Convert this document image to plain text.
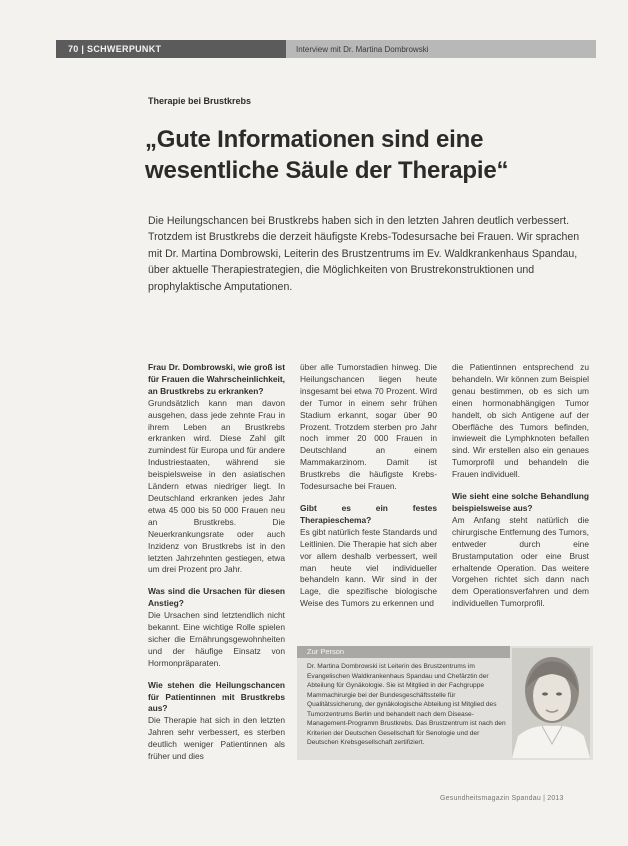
70 | SCHWERPUNKT	Interview mit Dr. Martina Dombrowski
Therapie bei Brustkrebs
„Gute Informationen sind eine wesentliche Säule der Therapie“
Die Heilungschancen bei Brustkrebs haben sich in den letzten Jahren deutlich verbessert. Trotzdem ist Brustkrebs die derzeit häufigste Krebs-Todesursache bei Frauen. Wir sprachen mit Dr. Martina Dombrowski, Leiterin des Brustzentrums im Ev. Waldkrankenhaus Spandau, über aktuelle Therapiestrategien, die Möglichkeiten von Brustrekonstruktionen und prophylaktische Amputationen.

Frau Dr. Dombrowski, wie groß ist für Frauen die Wahrscheinlichkeit, an Brustkrebs zu erkranken?

Grundsätzlich kann man davon ausgehen, dass jede zehnte Frau in ihrem Leben an Brustkrebs erkranken wird. Diese Zahl gilt zumindest für Europa und für andere Industriestaaten, während sie beispielsweise in den asiatischen Ländern etwas niedriger liegt. In Deutschland erkranken jedes Jahr etwa 45 000 bis 50 000 Frauen neu an Brustkrebs. Die Neuerkrankungsrate oder auch Inzidenz von Brustkrebs ist in den letzten Jahrzehnten gestiegen, etwa um drei Prozent pro Jahr.

Was sind die Ursachen für diesen Anstieg?

Die Ursachen sind letztendlich nicht bekannt. Eine wichtige Rolle spielen sicher die Ernährungsgewohnheiten und der häufige Einsatz von Hormonpräparaten.

Wie stehen die Heilungschancen für Patientinnen mit Brustkrebs aus?

Die Therapie hat sich in den letzten Jahren sehr verbessert, es sterben deutlich weniger Patientinnen als früher und dies

über alle Tumorstadien hinweg. Die Heilungschancen liegen heute insgesamt bei etwa 70 Prozent. Wird der Tumor in einem sehr frühen Stadium erkannt, sogar über 90 Prozent. Trotzdem sterben pro Jahr noch immer 20 000 Frauen in Deutschland an einem Mammakarzinom. Damit ist Brustkrebs die häufigste Krebs-Todesursache bei Frauen.

Gibt es ein festes Therapieschema?

Es gibt natürlich feste Standards und Leitlinien. Die Therapie hat sich aber vor allem deshalb verbessert, weil man heute viel individueller behandeln kann. Wir sind in der Lage, die spezifische biologische Weise des Tumors zu erkennen und

die Patientinnen entsprechend zu behandeln. Wir können zum Beispiel genau bestimmen, ob es sich um einen hormonabhängigen Tumor handelt, ob sich Antigene auf der Oberfläche des Tumors befinden, inwieweit die Lymphknoten befallen sind. Wir erstellen also ein genaues Tumorprofil und behandeln die Frauen individuell.

Wie sieht eine solche Behandlung beispielsweise aus?

Am Anfang steht natürlich die chirurgische Entfernung des Tumors, entweder durch eine Brustamputation oder eine Brust erhaltende Operation. Das weitere Vorgehen richtet sich dann nach dem Operationsverfahren und dem individuellen Tumorprofil.

Zur Person
Dr. Martina Dombrowski ist Leiterin des Brustzentrums im Evangelischen Waldkrankenhaus Spandau und Chefärztin der Abteilung für Gynäkologie. Sie ist Mitglied in der Fachgruppe Mammachirurgie bei der Bundesgeschäftsstelle für Qualitätssicherung, der gynäkologische Abteilung ist Mitglied des Tumorzentrums Berlin und behandelt nach dem Disease-Management-Programm Brustkrebs. Das Brustzentrum ist nach den Kriterien der Deutschen Gesellschaft für Senologie und der Deutschen Krebsgesellschaft zertifiziert.
Gesundheitsmagazin Spandau | 2013
